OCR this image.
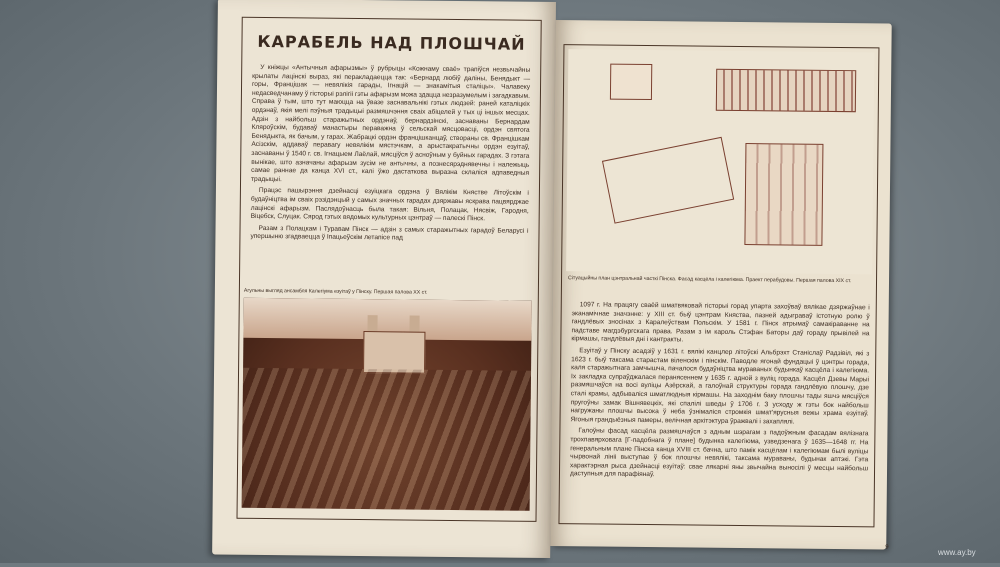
КАРАБЕЛЬ НАД ПЛОШЧАЙ

У кніжцы «Антычныя афарызмы» ў рубрыцы «Кожнаму сваё» трапіўся незвычайны крылаты лацінскі выраз, які перакладаецца так: «Бернард любіў даліны, Бенядыкт — горы, Францішак — невялікія гарады, Ігнацій — знакамітыя сталіцы». Чалавеку недасведчанаму ў гісторыі рэлігіі гэты афарызм можа здацца незразумелым і загадкавым. Справа ў тым, што тут маюцца на ўвазе заснавальнікі гэтых людзей: раней каталіцкіх ордэнаў, якія мелі пэўныя традыцыі размяшчэння сваіх абіцелей у тых ці іншых месцах. Адзін з найбольш старажытных ордэнаў, бернардзінскі, заснаваны Бернардам Кляроўскім, будаваў манастыры пераважна ў сельскай мясцовасці, ордэн святога Бенядыкта, як бачым, у гарах. Жабрацкі ордэн францішканцаў, створаны св. Францішкам Асізскім, аддаваў перавагу невялікім мястэчкам, а арыстакратычны ордэн езуітаў, заснаваны ў 1540 г. св. Ігнацыем Лаёлай, мясціўся ў асноўным у буйных гарадах. З гэтага вынікае, што азначаны афарызм зусім не антычны, а познесярэднявечны і належыць самае раннае да канца XVI ст., калі ўжо дастаткова выразна склаліся адпаведныя традыцыі.

Працэс пашырэння дзейнасці езуіцкага ордэна ў Вялікім Княстве Літоўскім і будаўніцтва ім сваіх рэзідэнцый у самых значных гарадах дзяржавы яскрава пацвярджае лацінскі афарызм. Паслядоўнасць была такая: Вільня, Полацак, Нясвіж, Гародня, Віцебск, Слуцак. Сярод гэтых вядомых культурных цэнтраў — палескі Пінск.

Разам з Полацкам і Туравам Пінск — адзін з самых старажытных гарадоў Беларусі і упершыню згадваецца ў Іпацьеўскім летапісе пад

Агульны выгляд ансамбля Калегіума езуітаў у Пінску. Першая палова XX ст.
Сітуацыйны план цэнтральнай часткі Пінска. Фасад касцёла і калегіюма. Праект перабудовы. Першая палова XIX ст.

1097 г. На працягу сваёй шматвяковай гісторыі горад упарта захоўваў вялікае дзяржаўнае і эканамічнае значэнне: у XIII ст. быў цэнтрам Княства, пазней адыграваў істотную ролю ў гандлёвых зносінах з Каралеўствам Польскім. У 1581 г. Пінск атрымаў самакіраванне на падставе магдэбургскага права. Разам з ім кароль Стэфан Баторы даў гораду прывілей на кірмашы, гандлёвыя дні і кантракты.

Езуітаў у Пінску асадзіў у 1631 г. вялікі канцлер літоўскі Альбрэхт Станіслаў Радзівіл, які з 1623 г. быў таксама старастам віленскім і пінскім. Паводле ягонай фундацыі ў цэнтры горада, каля старажытнага замчышча, пачалося будаўніцтва мураваных будынкаў касцёла і калегіюма. Іх закладка супраўджалася перанясеннем у 1635 г. адной з вуліц горада. Касцёл Дзевы Марыі размяшчаўся на восі вуліцы Азёрскай, а галоўнай структуры горада гандлёвую плошчу, дзе сталі крамы, адбываліся шматлюдныя кірмашы. На заходнім баку плошчы тады яшчэ мясціўся пругоўны замак Вішнявецкіх, які спалілі шведы ў 1706 г. З усходу ж гэты бок найбольш нагружаны плошчы высока ў неба ўзнімаліся стромкія шмат'ярусныя вежы храма езуітаў. Ягоныя грандыёзныя памеры, велічная архітэктура ўражвалі і захаплялі.

Галоўны фасад касцёла размяшчаўся з адным шэрагам з падоўжным фасадам вялізнага трохпавярховага [Г-падобнага ў плане] будынка калегіюма, узведзенага ў 1635—1648 гг. На генеральным плане Пінска канца XVIII ст. бачна, што памік касцёлам і калегіюмам былі вуліцы чырвонай лініі выступае ў бок плошчы невялікі, таксама мураваны, будынак аптэкі. Гэта характэрная рыса дзейнасці езуітаў: свае лякарні яны звычайна выносілі ў месцы найбольш даступныя для парафіянаў.

9
www.ay.by
